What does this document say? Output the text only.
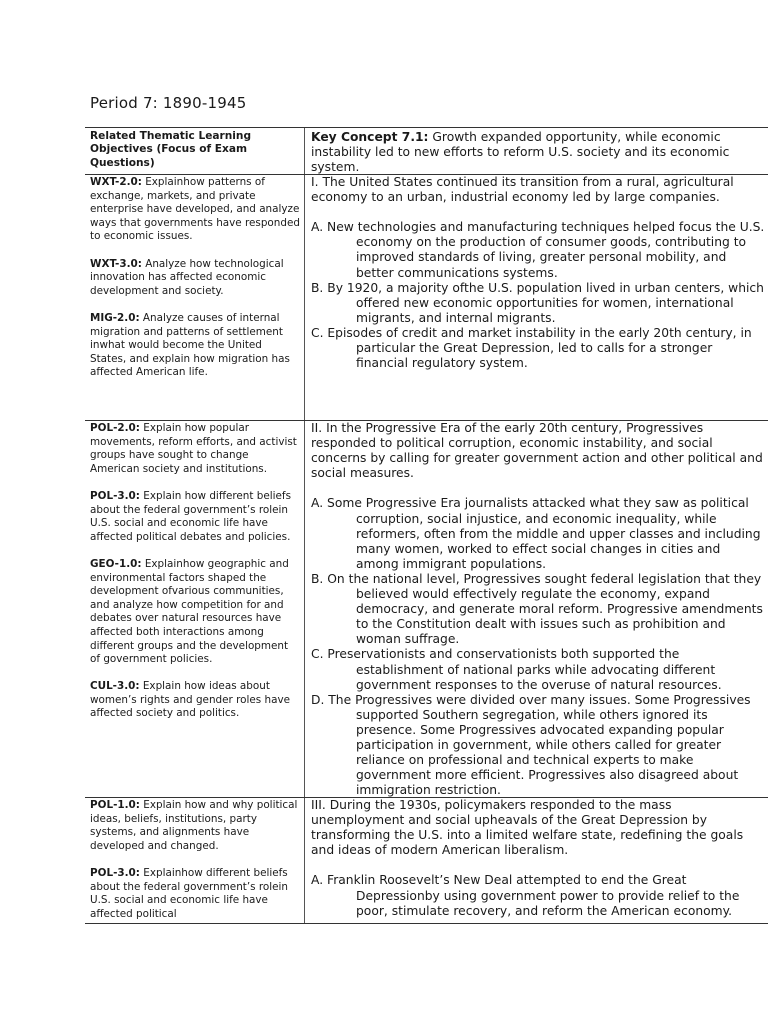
Period 7: 1890-1945
Related Thematic Learning Objectives (Focus of Exam Questions)

Key Concept 7.1: Growth expanded opportunity, while economic instability led to new efforts to reform U.S. society and its economic system.

WXT-2.0: Explainhow patterns of exchange, markets, and private enterprise have developed, and analyze ways that governments have responded to economic issues.

WXT-3.0: Analyze how technological innovation has affected economic development and society.

MIG-2.0: Analyze causes of internal migration and patterns of settlement inwhat would become the United States, and explain how migration has affected American life.

I. The United States continued its transition from a rural, agricultural economy to an urban, industrial economy led by large companies.

A. New technologies and manufacturing techniques helped focus the U.S. economy on the production of consumer goods, contributing to improved standards of living, greater personal mobility, and better communications systems.

B. By 1920, a majority ofthe U.S. population lived in urban centers, which offered new economic opportunities for women, international migrants, and internal migrants.

C. Episodes of credit and market instability in the early 20th century, in particular the Great Depression, led to calls for a stronger financial regulatory system.

POL-2.0: Explain how popular movements, reform efforts, and activist groups have sought to change American society and institutions.

POL-3.0: Explain how different beliefs about the federal government’s rolein U.S. social and economic life have affected political debates and policies.

GEO-1.0: Explainhow geographic and environmental factors shaped the development ofvarious communities, and analyze how competition for and debates over natural resources have affected both interactions among different groups and the development of government policies.

CUL-3.0: Explain how ideas about women’s rights and gender roles have affected society and politics.

II. In the Progressive Era of the early 20th century, Progressives responded to political corruption, economic instability, and social concerns by calling for greater government action and other political and social measures.

A. Some Progressive Era journalists attacked what they saw as political corruption, social injustice, and economic inequality, while reformers, often from the middle and upper classes and including many women, worked to effect social changes in cities and among immigrant populations.

B. On the national level, Progressives sought federal legislation that they believed would effectively regulate the economy, expand democracy, and generate moral reform. Progressive amendments to the Constitution dealt with issues such as prohibition and woman suffrage.

C. Preservationists and conservationists both supported the establishment of national parks while advocating different government responses to the overuse of natural resources.

D. The Progressives were divided over many issues. Some Progressives supported Southern segregation, while others ignored its presence. Some Progressives advocated expanding popular participation in government, while others called for greater reliance on professional and technical experts to make government more efficient. Progressives also disagreed about immigration restriction.

POL-1.0: Explain how and why political ideas, beliefs, institutions, party systems, and alignments have developed and changed.

POL-3.0: Explainhow different beliefs about the federal government’s rolein U.S. social and economic life have affected political

III. During the 1930s, policymakers responded to the mass unemployment and social upheavals of the Great Depression by transforming the U.S. into a limited welfare state, redefining the goals and ideas of modern American liberalism.

A. Franklin Roosevelt’s New Deal attempted to end the Great Depressionby using government power to provide relief to the poor, stimulate recovery, and reform the American economy.
